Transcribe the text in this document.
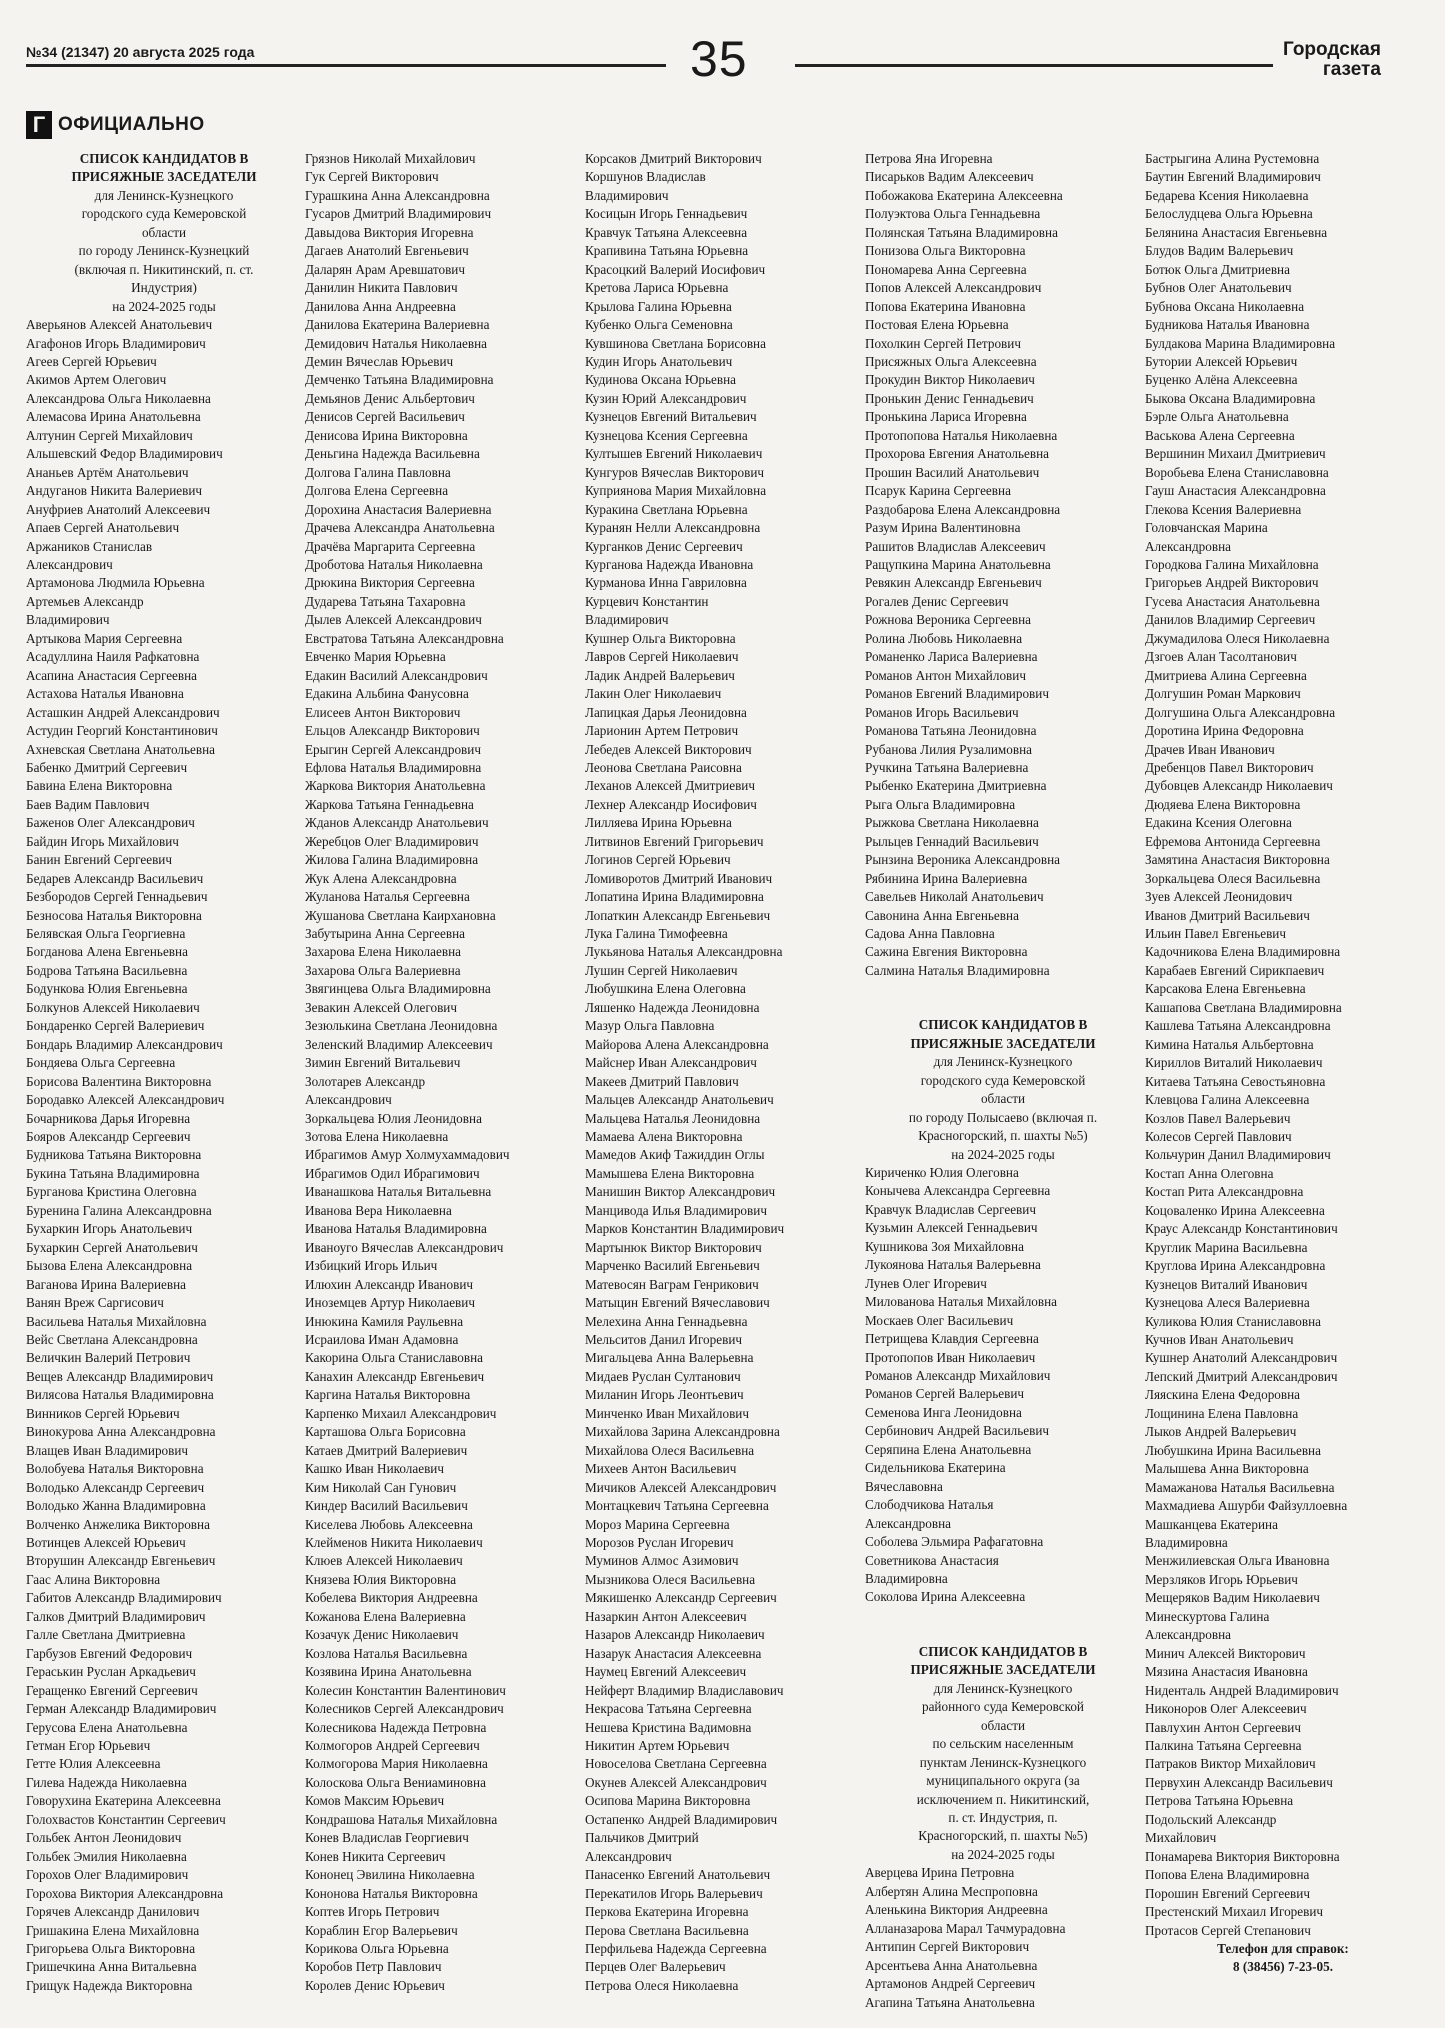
№34 (21347) 20 августа 2025 года	35	Городская
газета
Г ОФИЦИАЛЬНО
СПИСОК КАНДИДАТОВ В
ПРИСЯЖНЫЕ ЗАСЕДАТЕЛИ
для Ленинск-Кузнецкого
городского суда Кемеровской
области
по городу Ленинск-Кузнецкий
(включая п. Никитинский, п. ст.
Индустрия)
на 2024-2025 годы
Аверьянов Алексей Анатольевич
Агафонов Игорь Владимирович
Агеев Сергей Юрьевич
Акимов Артем Олегович
Александрова Ольга Николаевна
Алемасова Ирина Анатольевна
Алтунин Сергей Михайлович
Альшевский Федор Владимирович
Ананьев Артём Анатольевич
Андуганов Никита Валериевич
Ануфриев Анатолий Алексеевич
Апаев Сергей Анатольевич
Аржаников Станислав
Александрович
Артамонова Людмила Юрьевна
Артемьев Александр
Владимирович
Артыкова Мария Сергеевна
Асадуллина Наиля Рафкатовна
Асапина Анастасия Сергеевна
Астахова Наталья Ивановна
Асташкин Андрей Александрович
Астудин Георгий Константинович
Ахневская Светлана Анатольевна
Бабенко Дмитрий Сергеевич
Бавина Елена Викторовна
Баев Вадим Павлович
Баженов Олег Александрович
Байдин Игорь Михайлович
Банин Евгений Сергеевич
Бедарев Александр Васильевич
Безбородов Сергей Геннадьевич
Безносова Наталья Викторовна
Белявская Ольга Георгиевна
Богданова Алена Евгеньевна
Бодрова Татьяна Васильевна
Бодункова Юлия Евгеньевна
Болкунов Алексей Николаевич
Бондаренко Сергей Валериевич
Бондарь Владимир Александрович
Бондяева Ольга Сергеевна
Борисова Валентина Викторовна
Бородавко Алексей Александрович
Бочарникова Дарья Игоревна
Бояров Александр Сергеевич
Будникова Татьяна Викторовна
Букина Татьяна Владимировна
Бурганова Кристина Олеговна
Буренина Галина Александровна
Бухаркин Игорь Анатольевич
Бухаркин Сергей Анатольевич
Бызова Елена Александровна
Ваганова Ирина Валериевна
Ванян Вреж Саргисович
Васильева Наталья Михайловна
Вейс Светлана Александровна
Величкин Валерий Петрович
Вещев Александр Владимирович
Вилясова Наталья Владимировна
Винников Сергей Юрьевич
Винокурова Анна Александровна
Влащев Иван Владимирович
Волобуева Наталья Викторовна
Володько Александр Сергеевич
Володько Жанна Владимировна
Волченко Анжелика Викторовна
Вотинцев Алексей Юрьевич
Вторушин Александр Евгеньевич
Гаас Алина Викторовна
Габитов Александр Владимирович
Галков Дмитрий Владимирович
Галле Светлана Дмитриевна
Гарбузов Евгений Федорович
Гераськин Руслан Аркадьевич
Геращенко Евгений Сергеевич
Герман Александр Владимирович
Герусова Елена Анатольевна
Гетман Егор Юрьевич
Гетте Юлия Алексеевна
Гилева Надежда Николаевна
Говорухина Екатерина Алексеевна
Голохвастов Константин Сергеевич
Гольбек Антон Леонидович
Гольбек Эмилия Николаевна
Горохов Олег Владимирович
Горохова Виктория Александровна
Горячев Александр Данилович
Гришакина Елена Михайловна
Григорьева Ольга Викторовна
Гришечкина Анна Витальевна
Грищук Надежда Викторовна
Грязнов Николай Михайлович
Гук Сергей Викторович
Гурашкина Анна Александровна
Гусаров Дмитрий Владимирович
Давыдова Виктория Игоревна
Дагаев Анатолий Евгеньевич
Даларян Арам Аревшатович
Данилин Никита Павлович
Данилова Анна Андреевна
Данилова Екатерина Валериевна
Демидович Наталья Николаевна
Демин Вячеслав Юрьевич
Демченко Татьяна Владимировна
Демьянов Денис Альбертович
Денисов Сергей Васильевич
Денисова Ирина Викторовна
Деньгина Надежда Васильевна
Долгова Галина Павловна
Долгова Елена Сергеевна
Дорохина Анастасия Валериевна
Драчева Александра Анатольевна
Драчёва Маргарита Сергеевна
Дроботова Наталья Николаевна
Дрюкина Виктория Сергеевна
Дударева Татьяна Тахаровна
Дылев Алексей Александрович
Евстратова Татьяна Александровна
Евченко Мария Юрьевна
Едакин Василий Александрович
Едакина Альбина Фанусовна
Елисеев Антон Викторович
Ельцов Александр Викторович
Ерыгин Сергей Александрович
Ефлова Наталья Владимировна
Жаркова Виктория Анатольевна
Жаркова Татьяна Геннадьевна
Жданов Александр Анатольевич
Жеребцов Олег Владимирович
Жилова Галина Владимировна
Жук Алена Александровна
Жуланова Наталья Сергеевна
Жушанова Светлана Каирхановна
Забутырина Анна Сергеевна
Захарова Елена Николаевна
Захарова Ольга Валериевна
Звягинцева Ольга Владимировна
Зевакин Алексей Олегович
Зезюлькина Светлана Леонидовна
Зеленский Владимир Алексеевич
Зимин Евгений Витальевич
Золотарев Александр
Александрович
Зоркальцева Юлия Леонидовна
Зотова Елена Николаевна
Ибрагимов Амур Холмухаммадович
Ибрагимов Одил Ибрагимович
Иванашкова Наталья Витальевна
Иванова Вера Николаевна
Иванова Наталья Владимировна
Иваноуго Вячеслав Александрович
Избицкий Игорь Ильич
Илюхин Александр Иванович
Иноземцев Артур Николаевич
Инюкина Камиля Раульевна
Исраилова Иман Адамовна
Какорина Ольга Станиславовна
Канахин Александр Евгеньевич
Каргина Наталья Викторовна
Карпенко Михаил Александрович
Карташова Ольга Борисовна
Катаев Дмитрий Валериевич
Кашко Иван Николаевич
Ким Николай Сан Гунович
Киндер Василий Васильевич
Киселева Любовь Алексеевна
Клейменов Никита Николаевич
Клюев Алексей Николаевич
Князева Юлия Викторовна
Кобелева Виктория Андреевна
Кожанова Елена Валериевна
Козачук Денис Николаевич
Козлова Наталья Васильевна
Козявина Ирина Анатольевна
Колесин Константин Валентинович
Колесников Сергей Александрович
Колесникова Надежда Петровна
Колмогоров Андрей Сергеевич
Колмогорова Мария Николаевна
Колоскова Ольга Вениаминовна
Комов Максим Юрьевич
Кондрашова Наталья Михайловна
Конев Владислав Георгиевич
Конев Никита Сергеевич
Кононец Эвилина Николаевна
Кононова Наталья Викторовна
Коптев Игорь Петрович
Кораблин Егор Валерьевич
Корикова Ольга Юрьевна
Коробов Петр Павлович
Королев Денис Юрьевич
Корсаков Дмитрий Викторович
Коршунов Владислав
Владимирович
Косицын Игорь Геннадьевич
Кравчук Татьяна Алексеевна
Крапивина Татьяна Юрьевна
Красоцкий Валерий Иосифович
Кретова Лариса Юрьевна
Крылова Галина Юрьевна
Кубенко Ольга Семеновна
Кувшинова Светлана Борисовна
Кудин Игорь Анатольевич
Кудинова Оксана Юрьевна
Кузин Юрий Александрович
Кузнецов Евгений Витальевич
Кузнецова Ксения Сергеевна
Култышев Евгений Николаевич
Кунгуров Вячеслав Викторович
Куприянова Мария Михайловна
Куракина Светлана Юрьевна
Куранян Нелли Александровна
Курганков Денис Сергеевич
Курганова Надежда Ивановна
Курманова Инна Гавриловна
Курцевич Константин
Владимирович
Кушнер Ольга Викторовна
Лавров Сергей Николаевич
Ладик Андрей Валерьевич
Лакин Олег Николаевич
Лапицкая Дарья Леонидовна
Ларионин Артем Петрович
Лебедев Алексей Викторович
Леонова Светлана Раисовна
Леханов Алексей Дмитриевич
Лехнер Александр Иосифович
Лилляева Ирина Юрьевна
Литвинов Евгений Григорьевич
Логинов Сергей Юрьевич
Ломиворотов Дмитрий Иванович
Лопатина Ирина Владимировна
Лопаткин Александр Евгеньевич
Лука Галина Тимофеевна
Лукьянова Наталья Александровна
Лушин Сергей Николаевич
Любушкина Елена Олеговна
Ляшенко Надежда Леонидовна
Мазур Ольга Павловна
Майорова Алена Александровна
Майснер Иван Александрович
Макеев Дмитрий Павлович
Мальцев Александр Анатольевич
Мальцева Наталья Леонидовна
Мамаева Алена Викторовна
Мамедов Акиф Тажиддин Оглы
Мамышева Елена Викторовна
Манишин Виктор Александрович
Манцивода Илья Владимирович
Марков Константин Владимирович
Мартынюк Виктор Викторович
Марченко Василий Евгеньевич
Матевосян Ваграм Генрикович
Матыцин Евгений Вячеславович
Мелехина Анна Геннадьевна
Мельситов Данил Игоревич
Мигальцева Анна Валерьевна
Мидаев Руслан Султанович
Миланин Игорь Леонтьевич
Минченко Иван Михайлович
Михайлова Зарина Александровна
Михайлова Олеся Васильевна
Михеев Антон Васильевич
Мичиков Алексей Александрович
Монтацкевич Татьяна Сергеевна
Мороз Марина Сергеевна
Морозов Руслан Игоревич
Муминов Алмос Азимович
Мызникова Олеся Васильевна
Мякишенко Александр Сергеевич
Назаркин Антон Алексеевич
Назаров Александр Николаевич
Назарук Анастасия Алексеевна
Наумец Евгений Алексеевич
Нейферт Владимир Владиславович
Некрасова Татьяна Сергеевна
Нешева Кристина Вадимовна
Никитин Артем Юрьевич
Новоселова Светлана Сергеевна
Окунев Алексей Александрович
Осипова Марина Викторовна
Остапенко Андрей Владимирович
Пальчиков Дмитрий
Александрович
Панасенко Евгений Анатольевич
Перекатилов Игорь Валерьевич
Перкова Екатерина Игоревна
Перова Светлана Васильевна
Перфильева Надежда Сергеевна
Перцев Олег Валерьевич
Петрова Олеся Николаевна
Петрова Яна Игоревна
Писарьков Вадим Алексеевич
Побожакова Екатерина Алексеевна
Полуэктова Ольга Геннадьевна
Полянская Татьяна Владимировна
Понизова Ольга Викторовна
Пономарева Анна Сергеевна
Попов Алексей Александрович
Попова Екатерина Ивановна
Постовая Елена Юрьевна
Похолкин Сергей Петрович
Присяжных Ольга Алексеевна
Прокудин Виктор Николаевич
Пронькин Денис Геннадьевич
Пронькина Лариса Игоревна
Протопопова Наталья Николаевна
Прохорова Евгения Анатольевна
Прошин Василий Анатольевич
Псарук Карина Сергеевна
Раздобарова Елена Александровна
Разум Ирина Валентиновна
Рашитов Владислав Алексеевич
Ращупкина Марина Анатольевна
Ревякин Александр Евгеньевич
Рогалев Денис Сергеевич
Рожнова Вероника Сергеевна
Ролина Любовь Николаевна
Романенко Лариса Валериевна
Романов Антон Михайлович
Романов Евгений Владимирович
Романов Игорь Васильевич
Романова Татьяна Леонидовна
Рубанова Лилия Рузалимовна
Ручкина Татьяна Валериевна
Рыбенко Екатерина Дмитриевна
Рыга Ольга Владимировна
Рыжкова Светлана Николаевна
Рыльцев Геннадий Васильевич
Рынзина Вероника Александровна
Рябинина Ирина Валериевна
Савельев Николай Анатольевич
Савонина Анна Евгеньевна
Садова Анна Павловна
Сажина Евгения Викторовна
Салмина Наталья Владимировна
СПИСОК КАНДИДАТОВ В
ПРИСЯЖНЫЕ ЗАСЕДАТЕЛИ
для Ленинск-Кузнецкого
городского суда Кемеровской
области
по городу Полысаево (включая п.
Красногорский, п. шахты №5)
на 2024-2025 годы
Кириченко Юлия Олеговна
Конычева Александра Сергеевна
Кравчук Владислав Сергеевич
Кузьмин Алексей Геннадьевич
Кушникова Зоя Михайловна
Лукоянова Наталья Валерьевна
Лунев Олег Игоревич
Милованова Наталья Михайловна
Москаев Олег Васильевич
Петрищева Клавдия Сергеевна
Протопопов Иван Николаевич
Романов Александр Михайлович
Романов Сергей Валерьевич
Семенова Инга Леонидовна
Сербинович Андрей Васильевич
Серяпина Елена Анатольевна
Сидельникова Екатерина
Вячеславовна
Слободчикова Наталья
Александровна
Соболева Эльмира Рафагатовна
Советникова Анастасия
Владимировна
Соколова Ирина Алексеевна
СПИСОК КАНДИДАТОВ В
ПРИСЯЖНЫЕ ЗАСЕДАТЕЛИ
для Ленинск-Кузнецкого
районного суда Кемеровской
области
по сельским населенным
пунктам Ленинск-Кузнецкого
муниципального округа (за
исключением п. Никитинский,
п. ст. Индустрия, п.
Красногорский, п. шахты №5)
на 2024-2025 годы
Аверцева Ирина Петровна
Албертян Алина Меспроповна
Аленькина Виктория Андреевна
Алланазарова Марал Тачмурадовна
Антипин Сергей Викторович
Арсентьева Анна Анатольевна
Артамонов Андрей Сергеевич
Агапина Татьяна Анатольевна
Бастрыгина Алина Рустемовна
Баутин Евгений Владимирович
Бедарева Ксения Николаевна
Белослудцева Ольга Юрьевна
Белянина Анастасия Евгеньевна
Блудов Вадим Валерьевич
Ботюк Ольга Дмитриевна
Бубнов Олег Анатольевич
Бубнова Оксана Николаевна
Будникова Наталья Ивановна
Булдакова Марина Владимировна
Бутории Алексей Юрьевич
Буценко Алёна Алексеевна
Быкова Оксана Владимировна
Бэрле Ольга Анатольевна
Васькова Алена Сергеевна
Вершинин Михаил Дмитриевич
Воробьева Елена Станиславовна
Гауш Анастасия Александровна
Глекова Ксения Валериевна
Головчанская Марина
Александровна
Городкова Галина Михайловна
Григорьев Андрей Викторович
Гусева Анастасия Анатольевна
Данилов Владимир Сергеевич
Джумадилова Олеся Николаевна
Дзгоев Алан Тасолтанович
Дмитриева Алина Сергеевна
Долгушин Роман Маркович
Долгушина Ольга Александровна
Доротина Ирина Федоровна
Драчев Иван Иванович
Дребенцов Павел Викторович
Дубовцев Александр Николаевич
Дюдяева Елена Викторовна
Едакина Ксения Олеговна
Ефремова Антонида Сергеевна
Замятина Анастасия Викторовна
Зоркальцева Олеся Васильевна
Зуев Алексей Леонидович
Иванов Дмитрий Васильевич
Ильин Павел Евгеньевич
Кадочникова Елена Владимировна
Карабаев Евгений Сирикпаевич
Карсакова Елена Евгеньевна
Кашапова Светлана Владимировна
Кашлева Татьяна Александровна
Кимина Наталья Альбертовна
Кириллов Виталий Николаевич
Китаева Татьяна Севостьяновна
Клевцова Галина Алексеевна
Козлов Павел Валерьевич
Колесов Сергей Павлович
Кольчурин Данил Владимирович
Костап Анна Олеговна
Костап Рита Александровна
Коцоваленко Ирина Алексеевна
Краус Александр Константинович
Круглик Марина Васильевна
Круглова Ирина Александровна
Кузнецов Виталий Иванович
Кузнецова Алеся Валериевна
Куликова Юлия Станиславовна
Кучнов Иван Анатольевич
Кушнер Анатолий Александрович
Лепский Дмитрий Александрович
Ляяскина Елена Федоровна
Лощинина Елена Павловна
Лыков Андрей Валерьевич
Любушкина Ирина Васильевна
Малышева Анна Викторовна
Мамажанова Наталья Васильевна
Махмадиева Ашурби Файзуллоевна
Машканцева Екатерина
Владимировна
Менжилиевская Ольга Ивановна
Мерзляков Игорь Юрьевич
Мещеряков Вадим Николаевич
Минескуртова Галина
Александровна
Минич Алексей Викторович
Мязина Анастасия Ивановна
Ниденталь Андрей Владимирович
Никоноров Олег Алексеевич
Павлухин Антон Сергеевич
Палкина Татьяна Сергеевна
Патраков Виктор Михайлович
Первухин Александр Васильевич
Петрова Татьяна Юрьевна
Подольский Александр
Михайлович
Понамарева Виктория Викторовна
Попова Елена Владимировна
Порошин Евгений Сергеевич
Престенский Михаил Игоревич
Протасов Сергей Степанович
Телефон для справок:
8 (38456) 7-23-05.
